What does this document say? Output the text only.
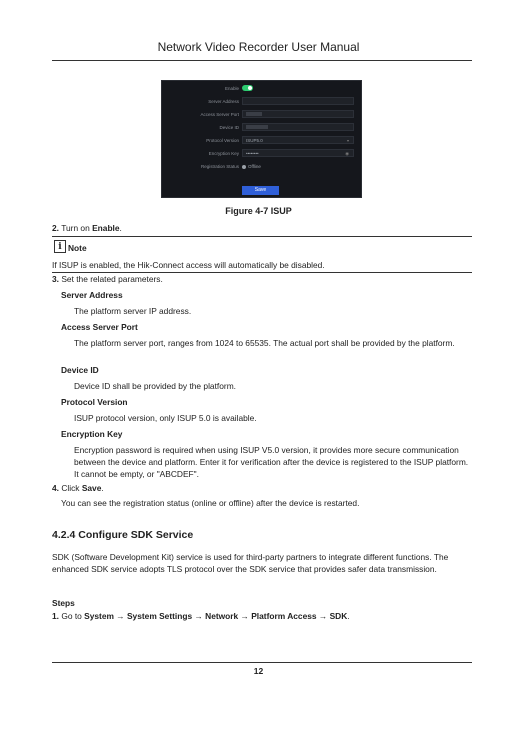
Network Video Recorder User Manual
Enable
Server Address
Access Server Port
Device ID
Protocol Version	ISUP5.0	▾
Encryption Key	••••••••	◉
Registration Status	Offline
Save
Figure 4-7 ISUP
2. Turn on Enable.
i Note
If ISUP is enabled, the Hik-Connect access will automatically be disabled.
3. Set the related parameters.
Server Address
The platform server IP address.
Access Server Port
The platform server port, ranges from 1024 to 65535. The actual port shall be provided by the platform.
Device ID
Device ID shall be provided by the platform.
Protocol Version
ISUP protocol version, only ISUP 5.0 is available.
Encryption Key
Encryption password is required when using ISUP V5.0 version, it provides more secure communication between the device and platform. Enter it for verification after the device is registered to the ISUP platform. It cannot be empty, or "ABCDEF".
4. Click Save.
You can see the registration status (online or offline) after the device is restarted.
4.2.4 Configure SDK Service
SDK (Software Development Kit) service is used for third-party partners to integrate different functions. The enhanced SDK service adopts TLS protocol over the SDK service that provides safer data transmission.
Steps
1. Go to System → System Settings → Network → Platform Access → SDK.
12
